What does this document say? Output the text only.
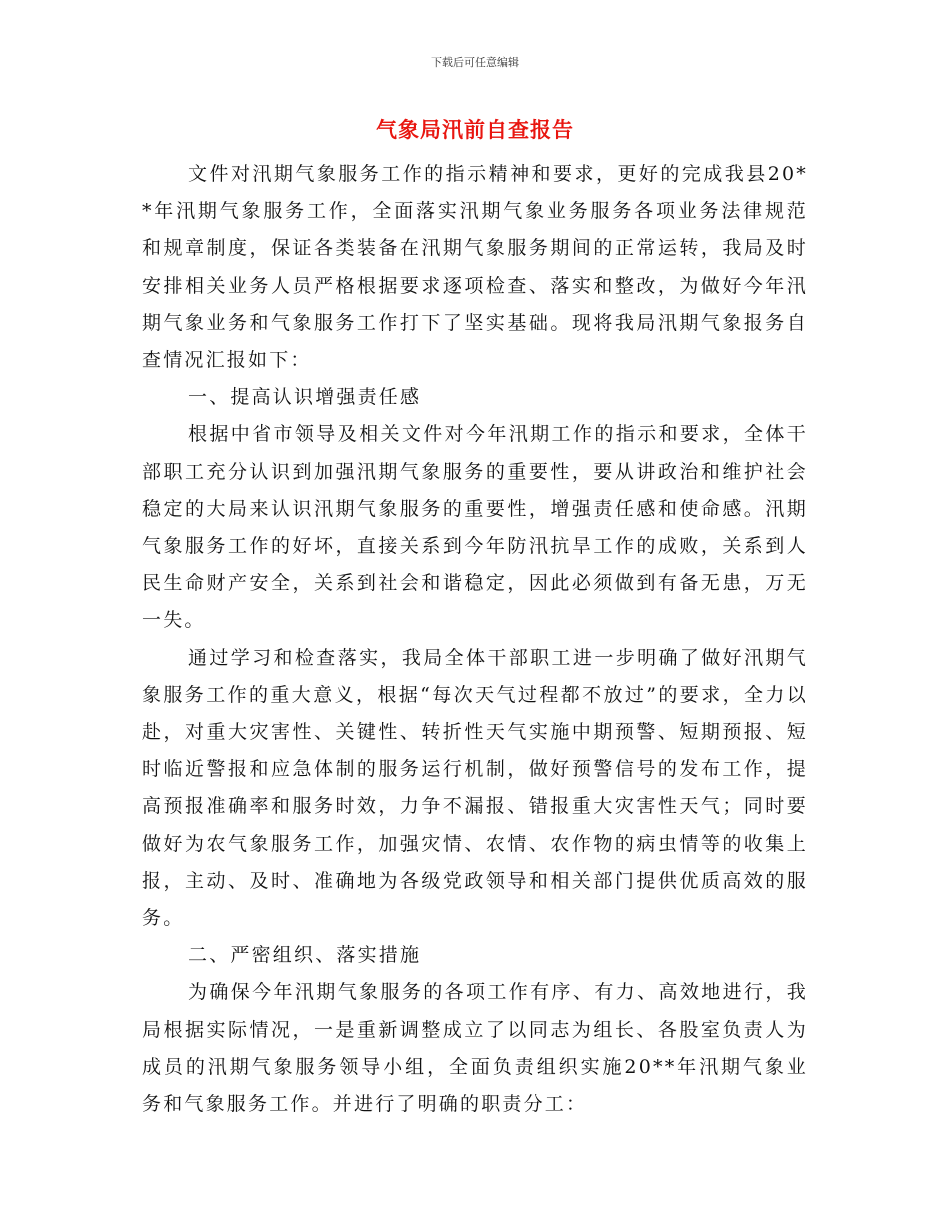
下载后可任意编辑
气象局汛前自查报告

文件对汛期气象服务工作的指示精神和要求，更好的完成我县20**年汛期气象服务工作，全面落实汛期气象业务服务各项业务法律规范和规章制度，保证各类装备在汛期气象服务期间的正常运转，我局及时安排相关业务人员严格根据要求逐项检查、落实和整改，为做好今年汛期气象业务和气象服务工作打下了坚实基础。现将我局汛期气象报务自查情况汇报如下：

一、提高认识增强责任感

根据中省市领导及相关文件对今年汛期工作的指示和要求，全体干部职工充分认识到加强汛期气象服务的重要性，要从讲政治和维护社会稳定的大局来认识汛期气象服务的重要性，增强责任感和使命感。汛期气象服务工作的好坏，直接关系到今年防汛抗旱工作的成败，关系到人民生命财产安全，关系到社会和谐稳定，因此必须做到有备无患，万无一失。

通过学习和检查落实，我局全体干部职工进一步明确了做好汛期气象服务工作的重大意义，根据“每次天气过程都不放过”的要求，全力以赴，对重大灾害性、关键性、转折性天气实施中期预警、短期预报、短时临近警报和应急体制的服务运行机制，做好预警信号的发布工作，提高预报准确率和服务时效，力争不漏报、错报重大灾害性天气；同时要做好为农气象服务工作，加强灾情、农情、农作物的病虫情等的收集上报，主动、及时、准确地为各级党政领导和相关部门提供优质高效的服务。

二、严密组织、落实措施

为确保今年汛期气象服务的各项工作有序、有力、高效地进行，我局根据实际情况，一是重新调整成立了以同志为组长、各股室负责人为成员的汛期气象服务领导小组，全面负责组织实施20**年汛期气象业务和气象服务工作。并进行了明确的职责分工：
